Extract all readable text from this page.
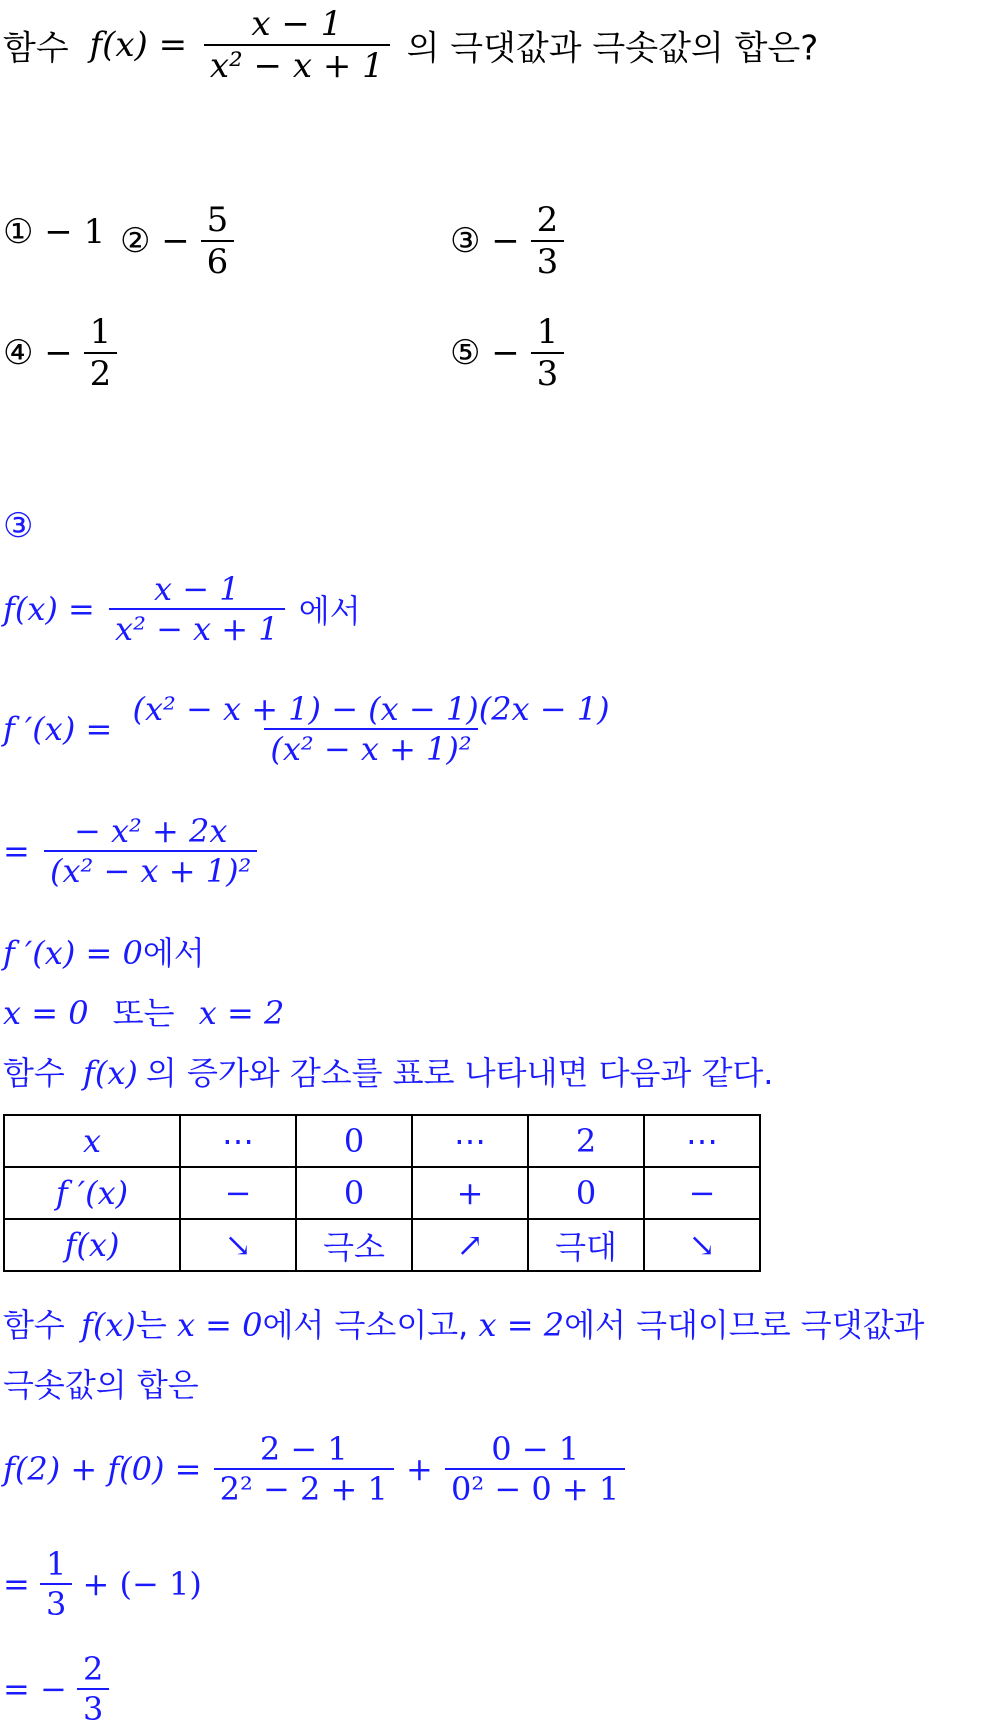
함수 $f(x) = \frac{x - 1}{\text{x² − x + 1}}$ 의 극댓값과 극솟값의 합은?
① − 1 ② − $\frac{5}{6}$	③ − $\frac{2}{3}$
④ − $\frac{1}{2}$	⑤ − $\frac{1}{3}$
③
$f(x) = \frac{x - 1}{\text{x² − x + 1}}$ 에서
f $'(x) = \frac{\text{(x² − x + 1) − (x − 1)(2x − 1)}}{\text{(x² − x + 1)²}}$
= $\frac{\text{− x² + 2x}}{\text{(x² − x + 1)²}}$
f ′(x) = 0에서
x = 0 또는 x = 2
함수 f(x) 의 증가와 감소를 표로 나타내면 다음과 같다.
x	⋯	0	⋯	2	⋯
f ′(x)	−	0	+	0	−
f(x)	↘	극소	↗	극대	↘
함수 f(x)는 x = 0에서 극소이고, x = 2에서 극대이므로 극댓값과
극솟값의 합은
$f(2) + f(0) = \frac{2 - 1}{\text{2² − 2 + 1}} + \frac{0 - 1}{\text{0² − 0 + 1}}$
= $\frac{1}{3}$ + (− 1)
= − $\frac{2}{3}$
